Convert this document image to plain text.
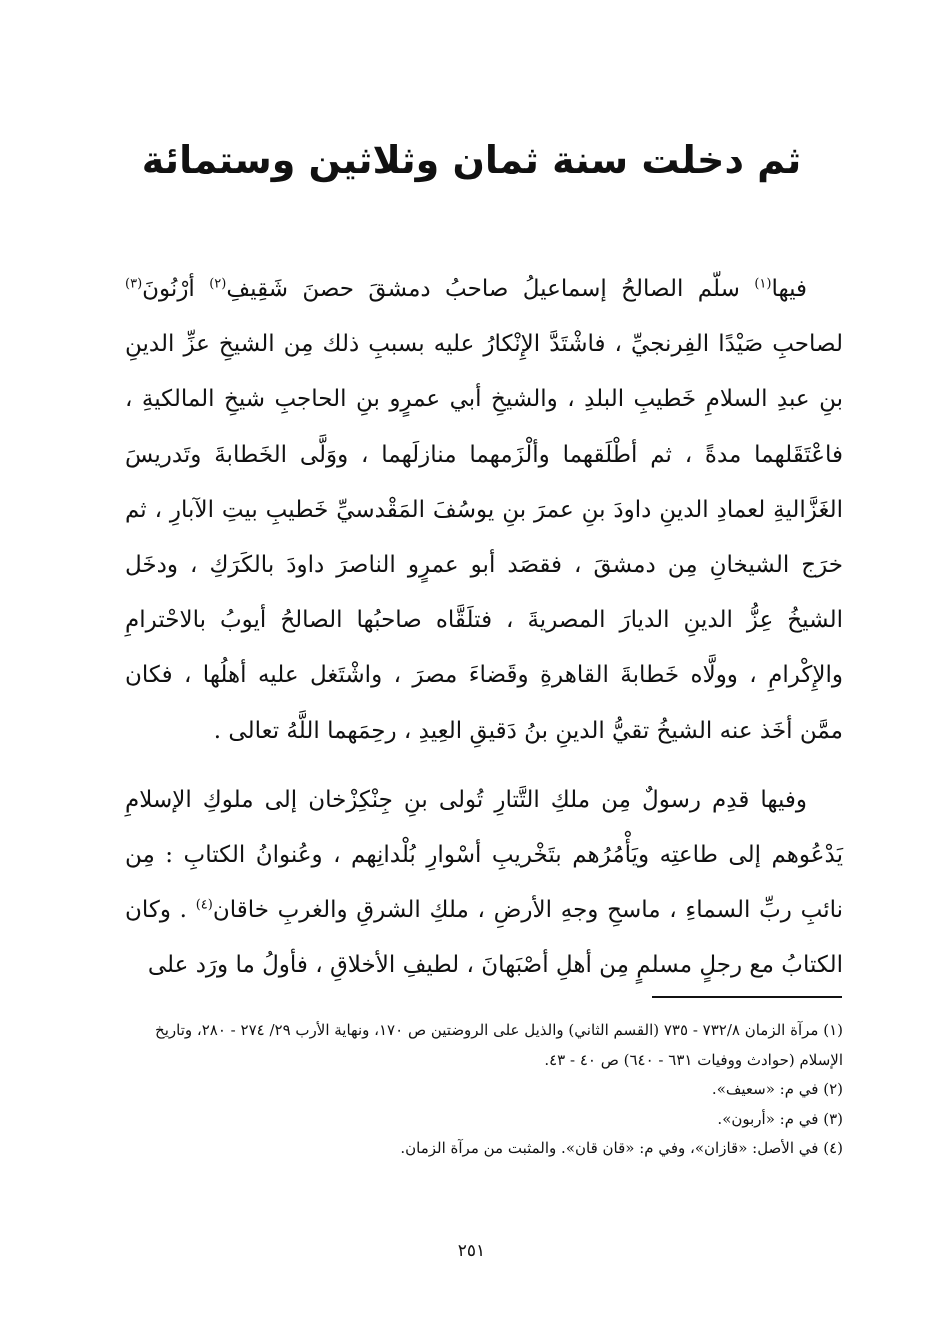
ثم دخلت سنة ثمان وثلاثين وستمائة

فيها$^{(١)}$ سلّم الصالحُ إسماعيلُ صاحبُ دمشقَ حصنَ شَقِيفِ$^{(٢)}$ أرْنُونَ$^{(٣)}$ لصاحبِ صَيْدًا الفِرنجيِّ ، فاشْتَدَّ الإِنْكارُ عليه بسببِ ذلك مِن الشيخِ عزِّ الدينِ بنِ عبدِ السلامِ خَطيبِ البلدِ ، والشيخِ أبي عمرٍو بنِ الحاجبِ شيخِ المالكيةِ ، فاعْتَقَلهما مدةً ، ثم أطْلَقهما وألْزَمهما منازلَهما ، ووَلَّى الخَطابةَ وتَدريسَ الغَزَّاليةِ لعمادِ الدينِ داودَ بنِ عمرَ بنِ يوسُفَ المَقْدسيِّ خَطيبِ بيتِ الآبارِ ، ثم خرَج الشيخانِ مِن دمشقَ ، فقصَد أبو عمرٍو الناصرَ داودَ بالكَرَكِ ، ودخَل الشيخُ عِزُّ الدينِ الديارَ المصريةَ ، فتلَقَّاه صاحبُها الصالحُ أيوبُ بالاحْترامِ والإِكْرامِ ، وولَّاه خَطابةَ القاهرةِ وقَضاءَ مصرَ ، واشْتَغل عليه أهلُها ، فكان ممَّن أخَذ عنه الشيخُ تقيُّ الدينِ بنُ دَقيقِ العِيدِ ، رحِمَهما اللَّهُ تعالى .

وفيها قدِم رسولٌ مِن ملكِ التَّتارِ تُولى بنِ جِنْكِزْخان إلى ملوكِ الإسلامِ يَدْعُوهم إلى طاعتِه ويَأْمُرُهم بتَخْريبِ أسْوارِ بُلْدانِهم ، وعُنوانُ الكتابِ : مِن نائبِ ربِّ السماءِ ، ماسحِ وجهِ الأرضِ ، ملكِ الشرقِ والغربِ خاقان$^{(٤)}$ . وكان الكتابُ مع رجلٍ مسلمٍ مِن أهلِ أصْبَهانَ ، لطيفِ الأخلاقِ ، فأولُ ما ورَد على

(١) مرآة الزمان ٧٣٢/٨ - ٧٣٥ (القسم الثاني) والذيل على الروضتين ص ١٧٠، ونهاية الأرب ٢٩/ ٢٧٤ - ٢٨٠، وتاريخ الإسلام (حوادث ووفيات ٦٣١ - ٦٤٠) ص ٤٠ - ٤٣.
(٢) في م: «سعيف».
(٣) في م: «أربون».
(٤) في الأصل: «قازان»، وفي م: «قان قان». والمثبت من مرآة الزمان.
٢٥١
